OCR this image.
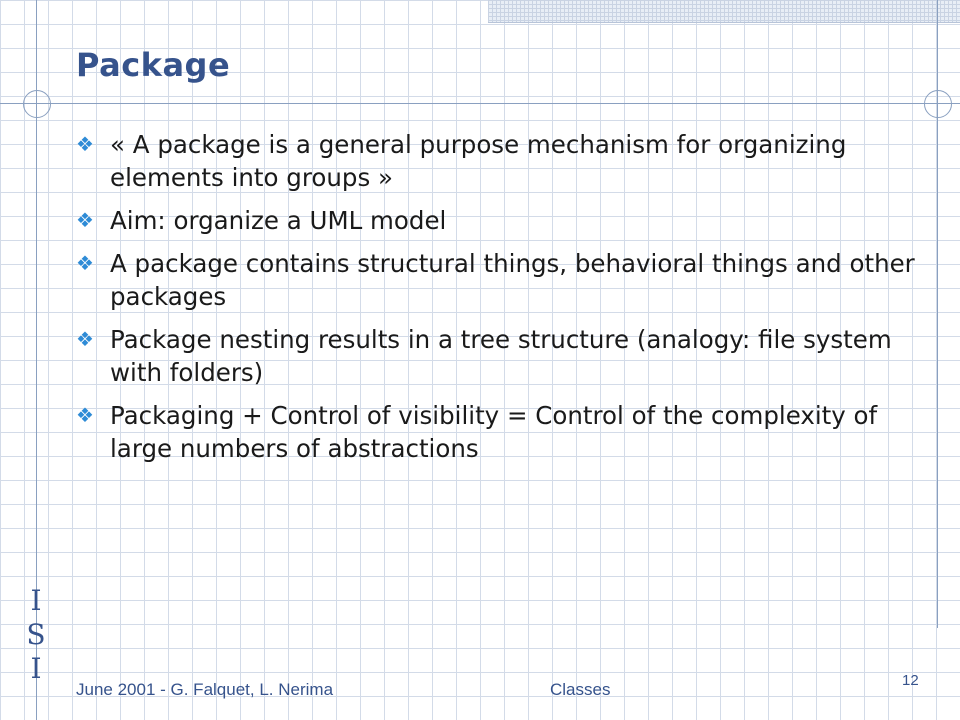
Package
❖ « A package is a general purpose mechanism for organizing elements into groups »
❖ Aim: organize a UML model
❖ A package contains structural things, behavioral things and other packages
❖ Package nesting results in a tree structure (analogy: file system with folders)
❖ Packaging + Control of visibility = Control of the complexity of large numbers of abstractions
I
S
I
June 2001 - G. Falquet, L. Nerima	Classes	12
